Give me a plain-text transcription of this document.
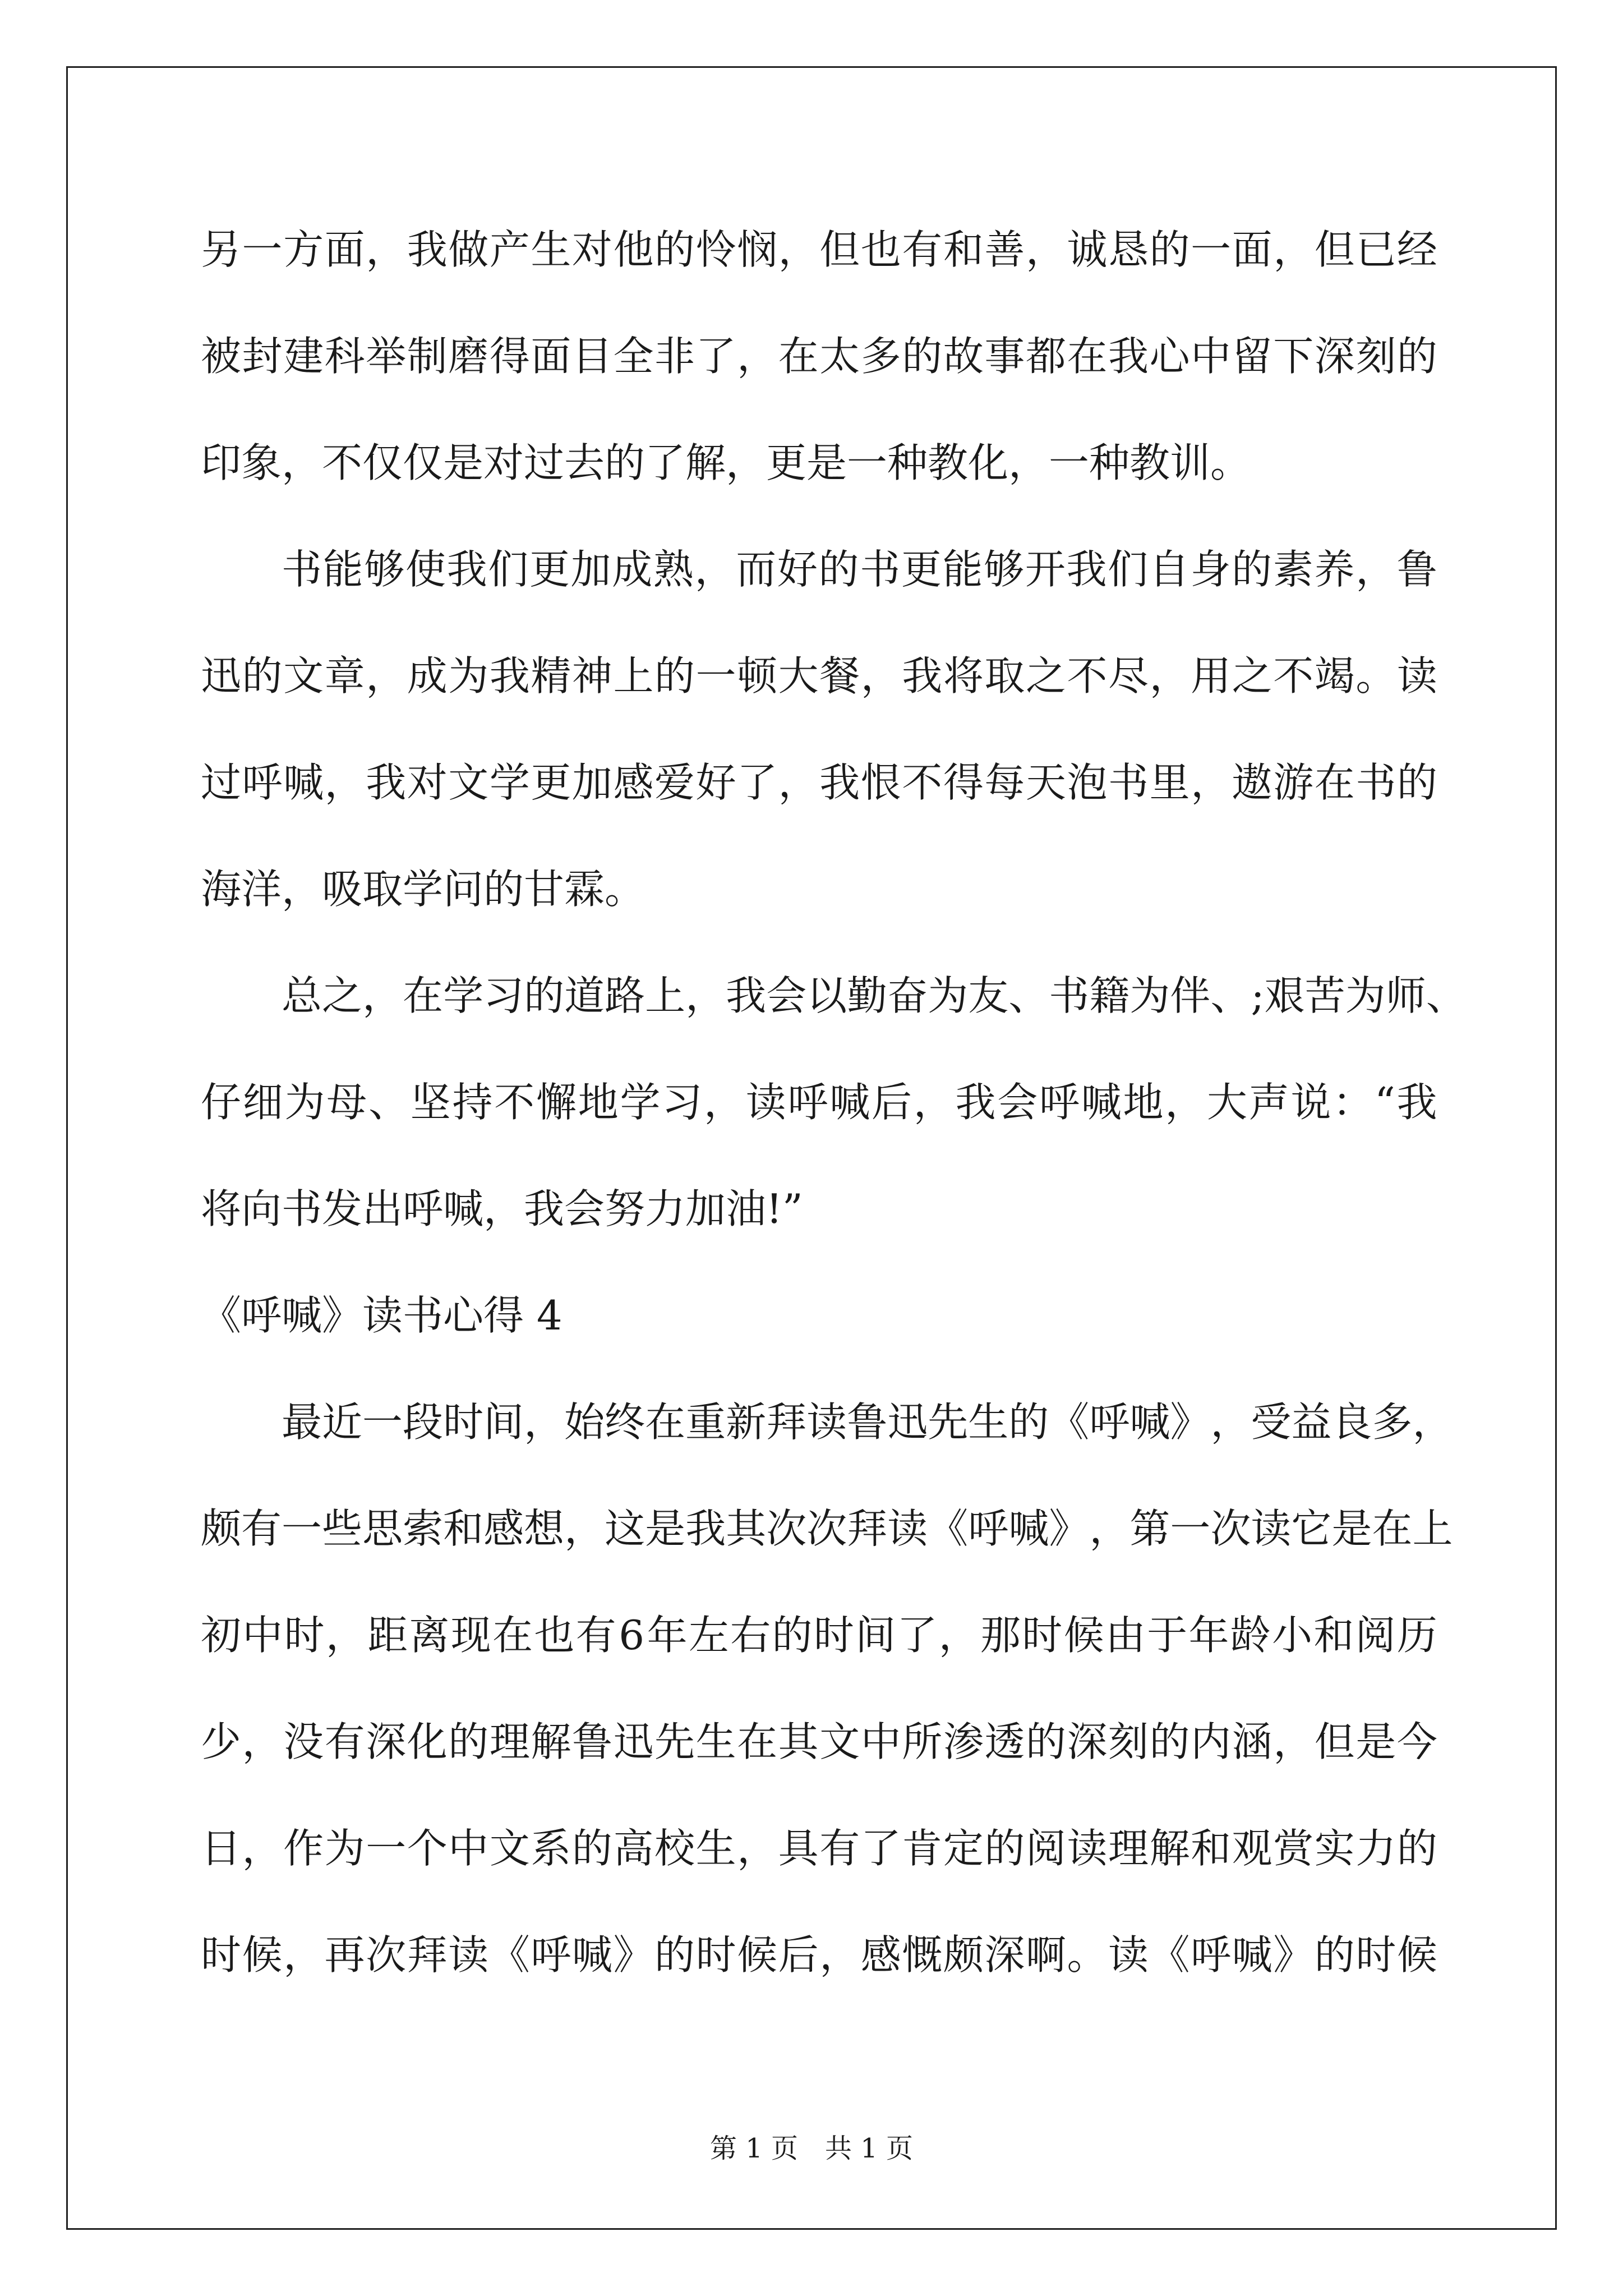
另 一 方 面 ， 我 做 产 生 对 他 的 怜 悯 ， 但 也 有 和 善 ， 诚 恳 的 一 面 ， 但 已 经
被 封 建 科 举 制 磨 得 面 目 全 非 了 ， 在 太 多 的 故 事 都 在 我 心 中 留 下 深 刻 的
印象，不仅仅是对过去的了解，更是一种教化，一种教训。
书 能 够 使 我 们 更 加 成 熟 ， 而 好 的 书 更 能 够 开 我 们 自 身 的 素 养 ， 鲁
迅 的 文 章 ， 成 为 我 精 神 上 的 一 顿 大 餐 ， 我 将 取 之 不 尽 ， 用 之 不 竭 。 读
过 呼 喊 ， 我 对 文 学 更 加 感 爱 好 了 ， 我 恨 不 得 每 天 泡 书 里 ， 遨 游 在 书 的
海洋，吸取学问的甘霖。
总 之 ， 在 学 习 的 道 路 上 ， 我 会 以 勤 奋 为 友 、 书 籍 为 伴 、 ; 艰 苦 为 师 、
仔 细 为 母 、 坚 持 不 懈 地 学 习 ， 读 呼 喊 后 ， 我 会 呼 喊 地 ， 大 声 说 ： “ 我
将向书发出呼喊，我会努力加油!”
《呼喊》读书心得 4
最 近 一 段 时 间 ， 始 终 在 重 新 拜 读 鲁 迅 先 生 的 《 呼 喊 》 ， 受 益 良 多 ，
颇 有 一 些 思 索 和 感 想 ， 这 是 我 其 次 次 拜 读 《 呼 喊 》 ， 第 一 次 读 它 是 在 上
初 中 时 ， 距 离 现 在 也 有 6 年 左 右 的 时 间 了 ， 那 时 候 由 于 年 龄 小 和 阅 历
少 ， 没 有 深 化 的 理 解 鲁 迅 先 生 在 其 文 中 所 渗 透 的 深 刻 的 内 涵 ， 但 是 今
日 ， 作 为 一 个 中 文 系 的 高 校 生 ， 具 有 了 肯 定 的 阅 读 理 解 和 观 赏 实 力 的
时 候 ， 再 次 拜 读 《 呼 喊 》 的 时 候 后 ， 感 慨 颇 深 啊 。 读 《 呼 喊 》 的 时 候
第 1 页　共 1 页
